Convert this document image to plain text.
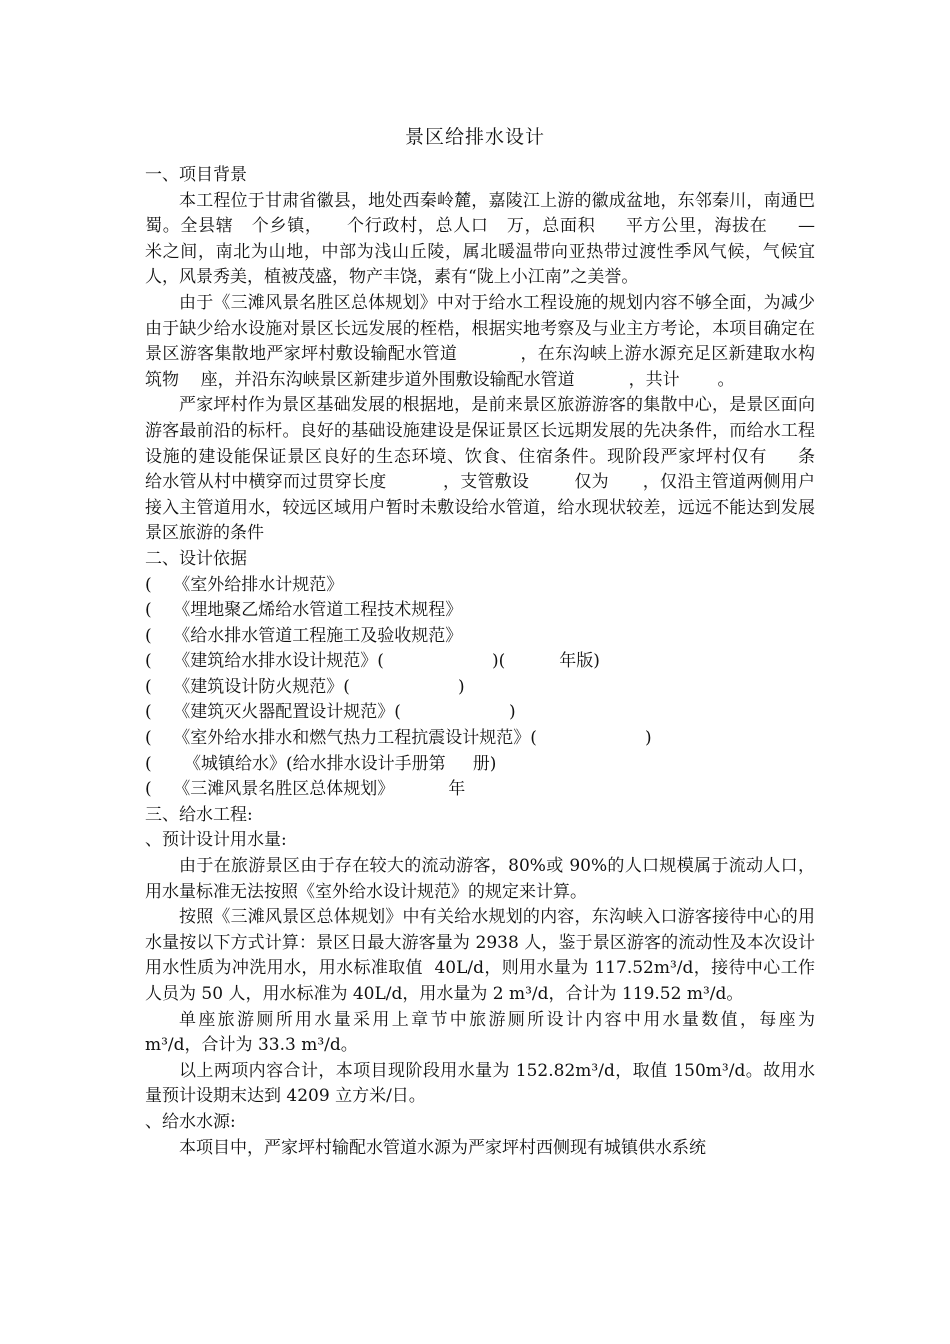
景区给排水设计

一、项目背景

本工程位于甘肃省徽县，地处西秦岭麓，嘉陵江上游的徽成盆地，东邻秦川，南通巴蜀。全县辖   个乡镇，    个行政村，总人口   万，总面积     平方公里，海拔在     —      米之间，南北为山地，中部为浅山丘陵，属北暖温带向亚热带过渡性季风气候，气候宜人，风景秀美，植被茂盛，物产丰饶，素有“陇上小江南”之美誉。

由于《三滩风景名胜区总体规划》中对于给水工程设施的规划内容不够全面，为减少由于缺少给水设施对景区长远发展的桎梏，根据实地考察及与业主方考论，本项目确定在景区游客集散地严家坪村敷设输配水管道           ，在东沟峡上游水源充足区新建取水构筑物    座，并沿东沟峡景区新建步道外围敷设输配水管道          ，共计       。

严家坪村作为景区基础发展的根据地，是前来景区旅游游客的集散中心，是景区面向游客最前沿的标杆。良好的基础设施建设是保证景区长远期发展的先决条件，而给水工程设施的建设能保证景区良好的生态环境、饮食、住宿条件。现阶段严家坪村仅有     条            给水管从村中横穿而过贯穿长度          ，支管敷设        仅为      ，仅沿主管道两侧用户接入主管道用水，较远区域用户暂时未敷设给水管道，给水现状较差，远远不能达到发展景区旅游的条件

二、设计依据

(    《室外给排水计规范》

(    《埋地聚乙烯给水管道工程技术规程》

(    《给水排水管道工程施工及验收规范》

(    《建筑给水排水设计规范》(                    )(          年版)

(    《建筑设计防火规范》(                    )

(    《建筑灭火器配置设计规范》(                    )

(    《室外给水排水和燃气热力工程抗震设计规范》(                    )

(      《城镇给水》(给水排水设计手册第     册)

(    《三滩风景名胜区总体规划》          年

三、给水工程:

、预计设计用水量:

由于在旅游景区由于存在较大的流动游客，80%或 90%的人口规模属于流动人口，用水量标准无法按照《室外给水设计规范》的规定来计算。

按照《三滩风景区总体规划》中有关给水规划的内容，东沟峡入口游客接待中心的用水量按以下方式计算：景区日最大游客量为 2938 人，鉴于景区游客的流动性及本次设计用水性质为冲洗用水，用水标准取值  40L/d，则用水量为 117.52m³/d，接待中心工作人员为 50 人，用水标准为 40L/d，用水量为 2 m³/d，合计为 119.52 m³/d。

单座旅游厕所用水量采用上章节中旅游厕所设计内容中用水量数值，每座为    m³/d，合计为 33.3 m³/d。

以上两项内容合计，本项目现阶段用水量为 152.82m³/d，取值 150m³/d。故用水量预计设期末达到 4209 立方米/日。

、给水水源:

本项目中，严家坪村输配水管道水源为严家坪村西侧现有城镇供水系统
